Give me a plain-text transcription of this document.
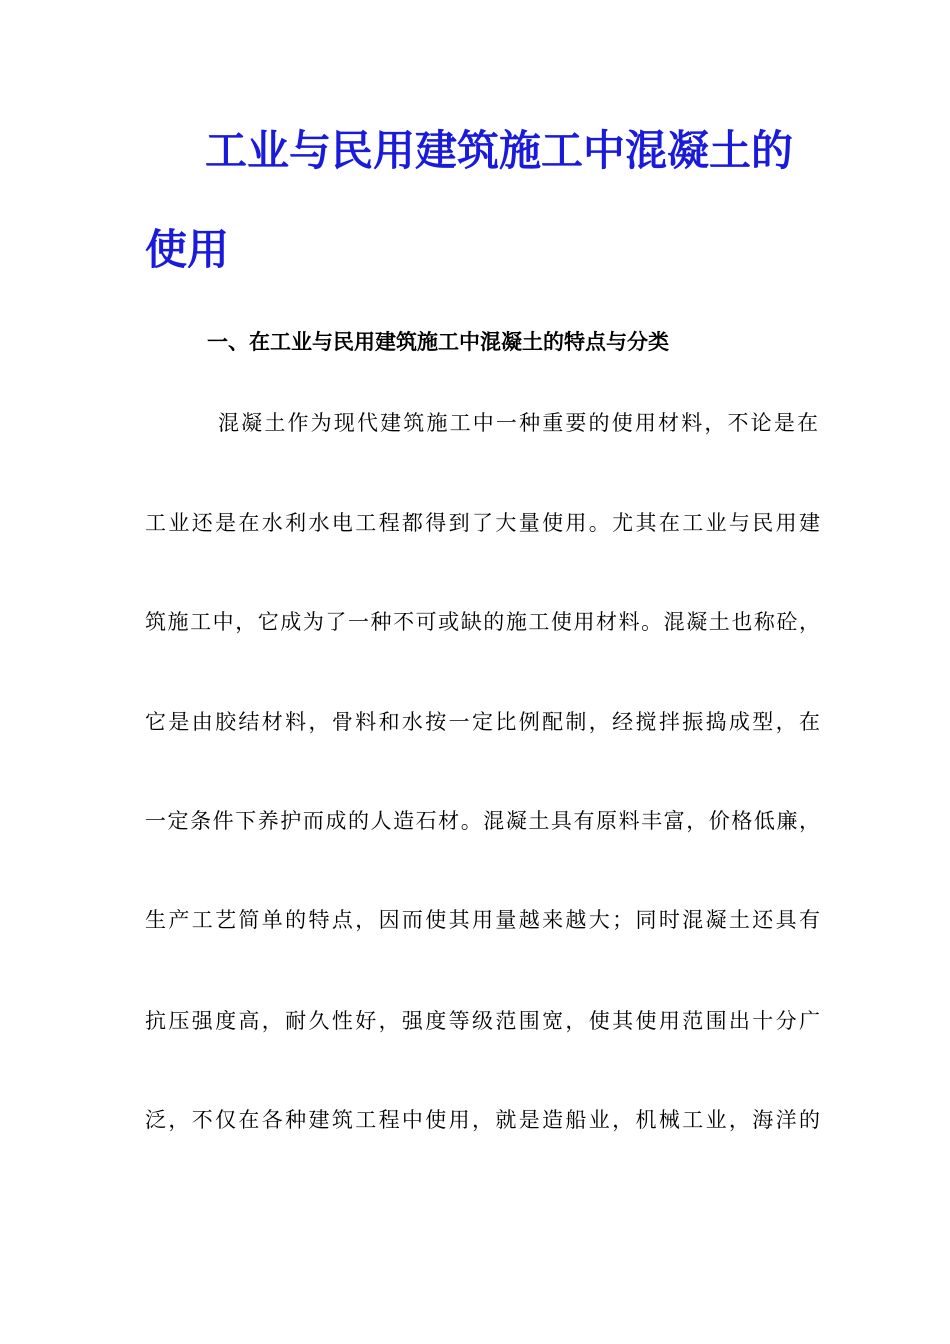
工业与民用建筑施工中混凝土的
使用
一、在工业与民用建筑施工中混凝土的特点与分类

混凝土作为现代建筑施工中一种重要的使用材料，不论是在

工业还是在水利水电工程都得到了大量使用。尤其在工业与民用建

筑施工中，它成为了一种不可或缺的施工使用材料。混凝土也称砼，

它是由胶结材料，骨料和水按一定比例配制，经搅拌振捣成型，在

一定条件下养护而成的人造石材。混凝土具有原料丰富，价格低廉，

生产工艺简单的特点，因而使其用量越来越大；同时混凝土还具有

抗压强度高，耐久性好，强度等级范围宽，使其使用范围出十分广

泛，不仅在各种建筑工程中使用，就是造船业，机械工业，海洋的
